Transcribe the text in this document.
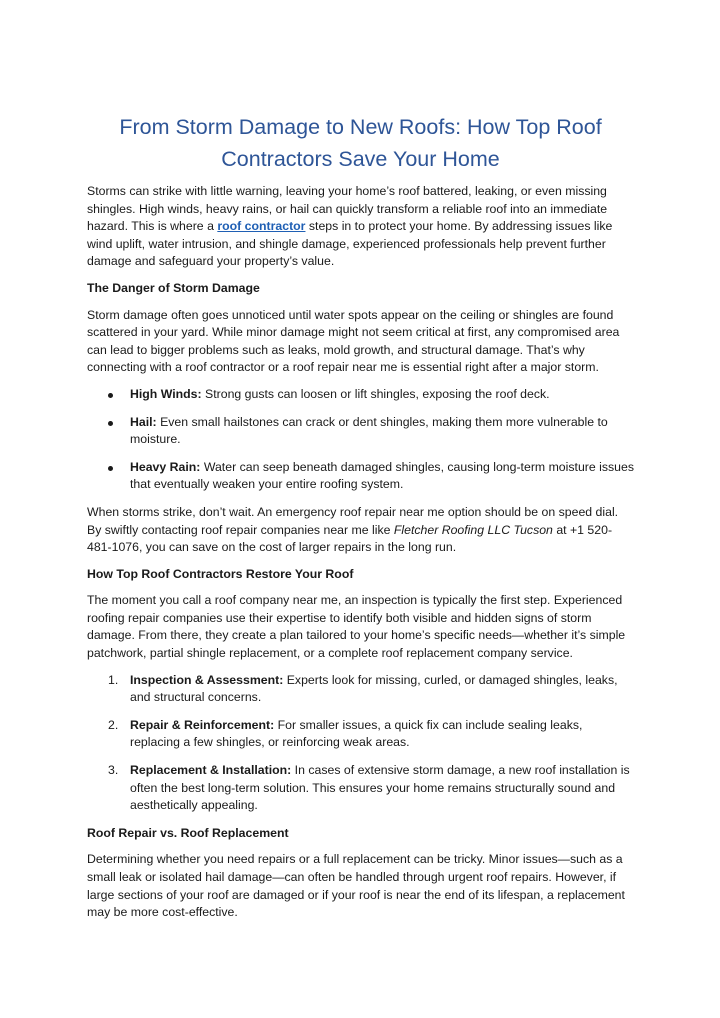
From Storm Damage to New Roofs: How Top Roof Contractors Save Your Home

Storms can strike with little warning, leaving your home’s roof battered, leaking, or even missing shingles. High winds, heavy rains, or hail can quickly transform a reliable roof into an immediate hazard. This is where a roof contractor steps in to protect your home. By addressing issues like wind uplift, water intrusion, and shingle damage, experienced professionals help prevent further damage and safeguard your property’s value.

The Danger of Storm Damage

Storm damage often goes unnoticed until water spots appear on the ceiling or shingles are found scattered in your yard. While minor damage might not seem critical at first, any compromised area can lead to bigger problems such as leaks, mold growth, and structural damage. That’s why connecting with a roof contractor or a roof repair near me is essential right after a major storm.

High Winds: Strong gusts can loosen or lift shingles, exposing the roof deck.
Hail: Even small hailstones can crack or dent shingles, making them more vulnerable to moisture.
Heavy Rain: Water can seep beneath damaged shingles, causing long-term moisture issues that eventually weaken your entire roofing system.

When storms strike, don’t wait. An emergency roof repair near me option should be on speed dial. By swiftly contacting roof repair companies near me like Fletcher Roofing LLC Tucson at +1 520-481-1076, you can save on the cost of larger repairs in the long run.

How Top Roof Contractors Restore Your Roof

The moment you call a roof company near me, an inspection is typically the first step. Experienced roofing repair companies use their expertise to identify both visible and hidden signs of storm damage. From there, they create a plan tailored to your home’s specific needs—whether it’s simple patchwork, partial shingle replacement, or a complete roof replacement company service.

1. Inspection & Assessment: Experts look for missing, curled, or damaged shingles, leaks, and structural concerns.
2. Repair & Reinforcement: For smaller issues, a quick fix can include sealing leaks, replacing a few shingles, or reinforcing weak areas.
3. Replacement & Installation: In cases of extensive storm damage, a new roof installation is often the best long-term solution. This ensures your home remains structurally sound and aesthetically appealing.

Roof Repair vs. Roof Replacement

Determining whether you need repairs or a full replacement can be tricky. Minor issues—such as a small leak or isolated hail damage—can often be handled through urgent roof repairs. However, if large sections of your roof are damaged or if your roof is near the end of its lifespan, a replacement may be more cost-effective.
